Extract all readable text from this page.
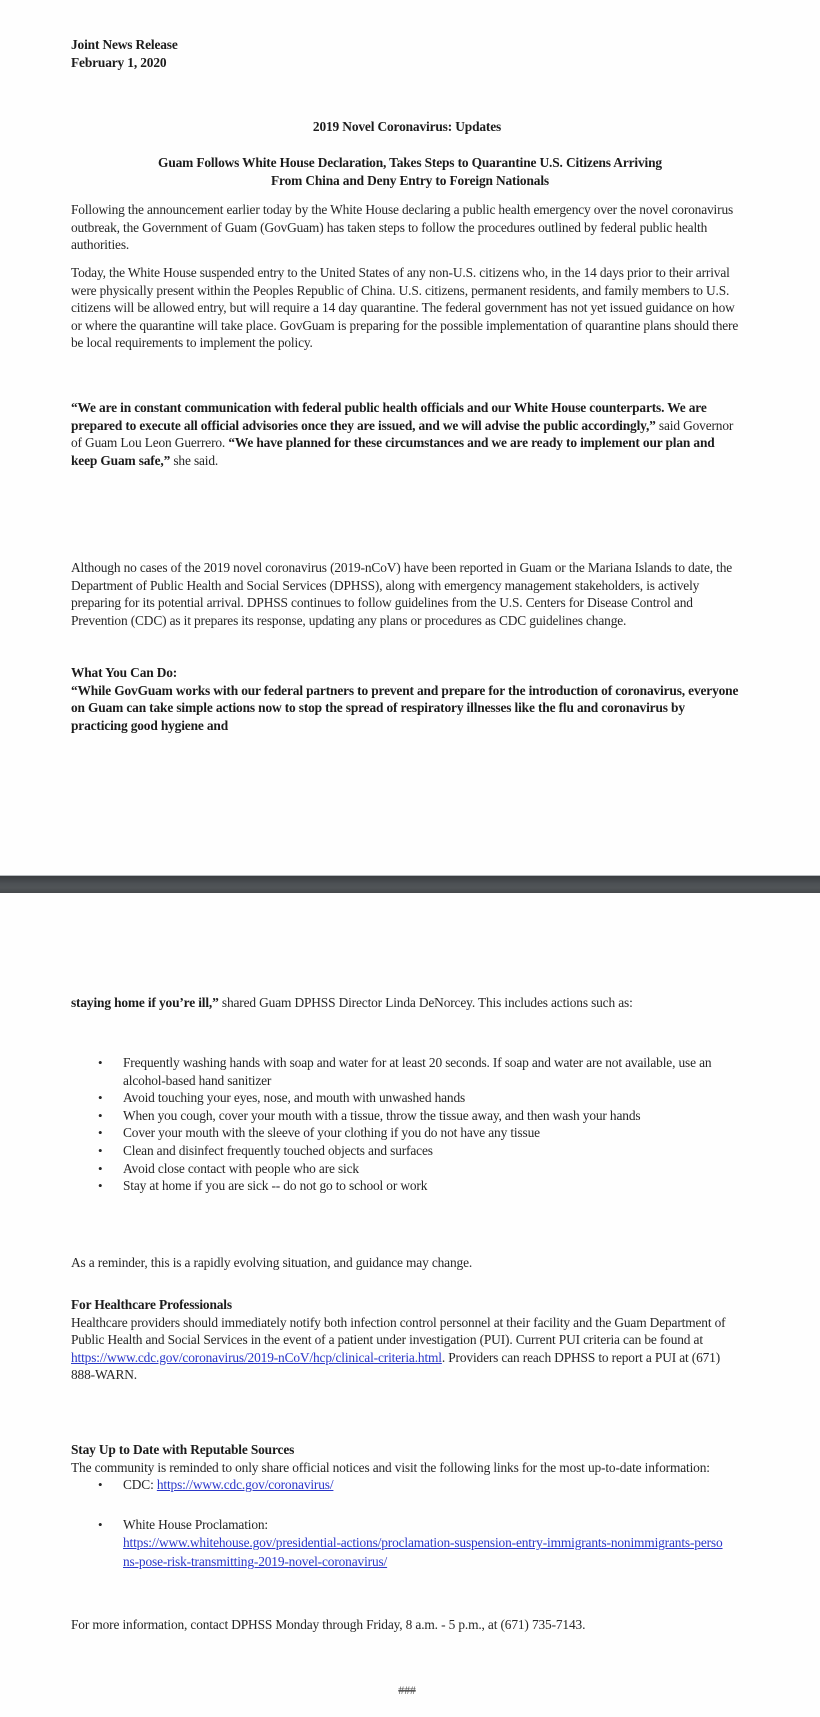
Joint News Release
February 1, 2020
2019 Novel Coronavirus: Updates
Guam Follows White House Declaration, Takes Steps to Quarantine U.S. Citizens Arriving
From China and Deny Entry to Foreign Nationals

Following the announcement earlier today by the White House declaring a public health emergency over the novel coronavirus outbreak, the Government of Guam (GovGuam) has taken steps to follow the procedures outlined by federal public health authorities.

Today, the White House suspended entry to the United States of any non-U.S. citizens who, in the 14 days prior to their arrival were physically present within the Peoples Republic of China. U.S. citizens, permanent residents, and family members to U.S. citizens will be allowed entry, but will require a 14 day quarantine. The federal government has not yet issued guidance on how or where the quarantine will take place. GovGuam is preparing for the possible implementation of quarantine plans should there be local requirements to implement the policy.

“We are in constant communication with federal public health officials and our White House counterparts. We are prepared to execute all official advisories once they are issued, and we will advise the public accordingly,” said Governor of Guam Lou Leon Guerrero. “We have planned for these circumstances and we are ready to implement our plan and keep Guam safe,” she said.

Although no cases of the 2019 novel coronavirus (2019-nCoV) have been reported in Guam or the Mariana Islands to date, the Department of Public Health and Social Services (DPHSS), along with emergency management stakeholders, is actively preparing for its potential arrival. DPHSS continues to follow guidelines from the U.S. Centers for Disease Control and Prevention (CDC) as it prepares its response, updating any plans or procedures as CDC guidelines change.

What You Can Do:
“While GovGuam works with our federal partners to prevent and prepare for the introduction of coronavirus, everyone on Guam can take simple actions now to stop the spread of respiratory illnesses like the flu and coronavirus by practicing good hygiene and

staying home if you’re ill,” shared Guam DPHSS Director Linda DeNorcey. This includes actions such as:

• Frequently washing hands with soap and water for at least 20 seconds. If soap and water are not available, use an alcohol-based hand sanitizer
• Avoid touching your eyes, nose, and mouth with unwashed hands
• When you cough, cover your mouth with a tissue, throw the tissue away, and then wash your hands
• Cover your mouth with the sleeve of your clothing if you do not have any tissue
• Clean and disinfect frequently touched objects and surfaces
• Avoid close contact with people who are sick
• Stay at home if you are sick -- do not go to school or work

As a reminder, this is a rapidly evolving situation, and guidance may change.

For Healthcare Professionals
Healthcare providers should immediately notify both infection control personnel at their facility and the Guam Department of Public Health and Social Services in the event of a patient under investigation (PUI). Current PUI criteria can be found at
https://www.cdc.gov/coronavirus/2019-nCoV/hcp/clinical-criteria.html. Providers can reach DPHSS to report a PUI at (671) 888-WARN.
Stay Up to Date with Reputable Sources
The community is reminded to only share official notices and visit the following links for the most up-to-date information:
• CDC: https://www.cdc.gov/coronavirus/
• White House Proclamation:
https://www.whitehouse.gov/presidential-actions/proclamation-suspension-entry-immigrants-nonimmigrants-persons-pose-risk-transmitting-2019-novel-coronavirus/

For more information, contact DPHSS Monday through Friday, 8 a.m. - 5 p.m., at (671) 735-7143.

###
